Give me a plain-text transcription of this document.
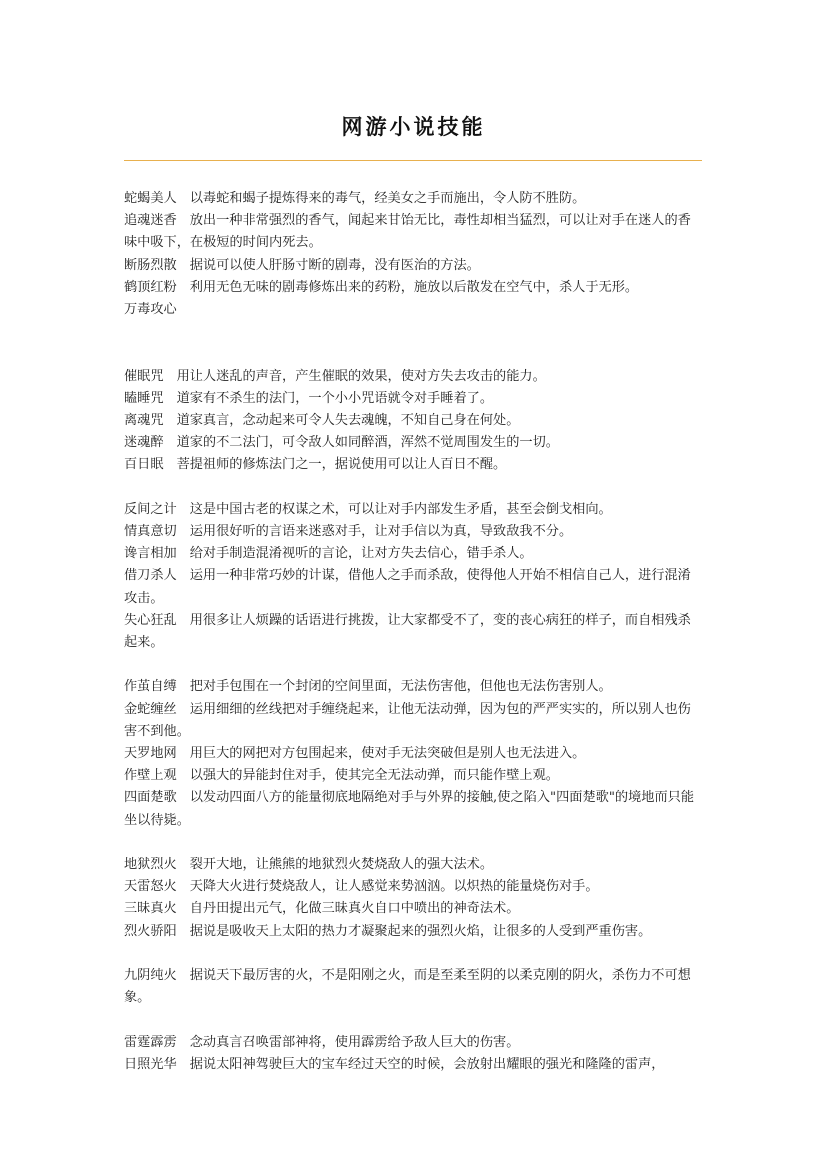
网游小说技能

蛇蝎美人 以毒蛇和蝎子提炼得来的毒气，经美女之手而施出，令人防不胜防。

追魂迷香 放出一种非常强烈的香气，闻起来甘饴无比，毒性却相当猛烈，可以让对手在迷人的香味中吸下，在极短的时间内死去。

断肠烈散 据说可以使人肝肠寸断的剧毒，没有医治的方法。

鹤顶红粉 利用无色无味的剧毒修炼出来的药粉，施放以后散发在空气中，杀人于无形。

万毒攻心

催眠咒 用让人迷乱的声音，产生催眠的效果，使对方失去攻击的能力。

瞌睡咒 道家有不杀生的法门，一个小小咒语就令对手睡着了。

离魂咒 道家真言，念动起来可令人失去魂魄，不知自己身在何处。

迷魂醉 道家的不二法门，可令敌人如同醉酒，浑然不觉周围发生的一切。

百日眠 菩提祖师的修炼法门之一，据说使用可以让人百日不醒。

反间之计 这是中国古老的权谋之术，可以让对手内部发生矛盾，甚至会倒戈相向。

情真意切 运用很好听的言语来迷惑对手，让对手信以为真，导致敌我不分。

谗言相加 给对手制造混淆视听的言论，让对方失去信心，错手杀人。

借刀杀人 运用一种非常巧妙的计谋，借他人之手而杀敌，使得他人开始不相信自己人，进行混淆攻击。

失心狂乱 用很多让人烦躁的话语进行挑拨，让大家都受不了，变的丧心病狂的样子，而自相残杀起来。

作茧自缚 把对手包围在一个封闭的空间里面，无法伤害他，但他也无法伤害别人。

金蛇缠丝 运用细细的丝线把对手缠绕起来，让他无法动弹，因为包的严严实实的，所以别人也伤害不到他。

天罗地网 用巨大的网把对方包围起来，使对手无法突破但是别人也无法进入。

作壁上观 以强大的异能封住对手，使其完全无法动弹，而只能作壁上观。

四面楚歌 以发动四面八方的能量彻底地隔绝对手与外界的接触,使之陷入"四面楚歌"的境地而只能坐以待毙。

地狱烈火 裂开大地，让熊熊的地狱烈火焚烧敌人的强大法术。

天雷怒火 天降大火进行焚烧敌人，让人感觉来势汹汹。以炽热的能量烧伤对手。

三昧真火 自丹田提出元气，化做三昧真火自口中喷出的神奇法术。

烈火骄阳 据说是吸收天上太阳的热力才凝聚起来的强烈火焰，让很多的人受到严重伤害。

九阴纯火 据说天下最厉害的火，不是阳刚之火，而是至柔至阴的以柔克刚的阴火，杀伤力不可想象。

雷霆霹雳 念动真言召唤雷部神将，使用霹雳给予敌人巨大的伤害。

日照光华 据说太阳神驾驶巨大的宝车经过天空的时候，会放射出耀眼的强光和隆隆的雷声，
